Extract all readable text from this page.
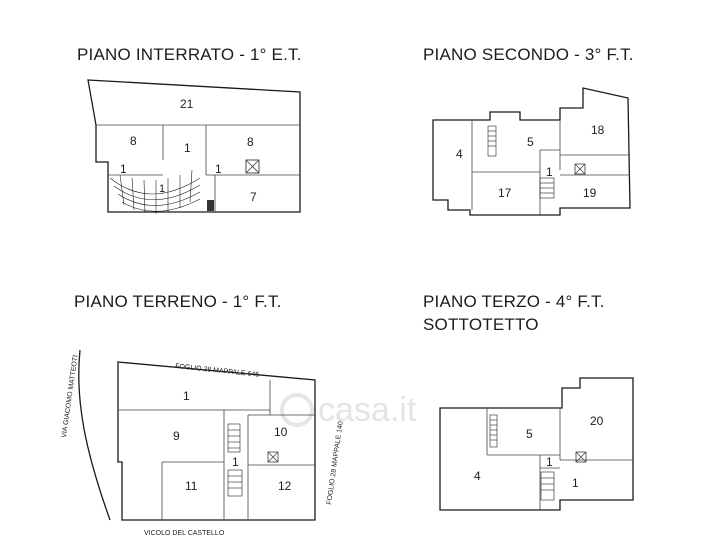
casa.it
PIANO INTERRATO - 1° E.T.
21
8	1	8
1	1
1
7
PIANO SECONDO - 3° F.T.
18
5
4
1
17	19
PIANO TERRENO - 1° F.T.
FOGLIO 28 MAPPALE 646
VIA GIACOMO MATTEOTI
FOGLIO 28 MAPPALE 140
VICOLO DEL CASTELLO
1
9	10
1
11	12
PIANO TERZO - 4° F.T.
SOTTOTETTO
5
20
1
4	1
